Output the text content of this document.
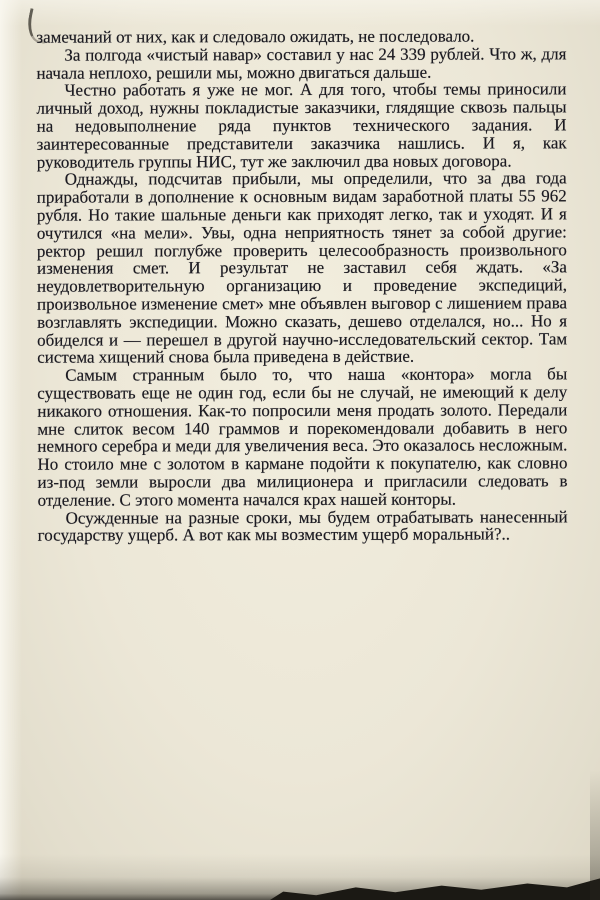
замечаний от них, как и следовало ожидать, не последовало.

За полгода «чистый навар» составил у нас 24 339 рублей. Что ж, для начала неплохо, решили мы, можно двигаться дальше.

Честно работать я уже не мог. А для того, чтобы темы приносили личный доход, нужны покладистые заказчики, глядящие сквозь пальцы на недовыполнение ряда пунктов технического задания. И заинтересованные представители заказчика нашлись. И я, как руководитель группы НИС, тут же заключил два новых договора.

Однажды, подсчитав прибыли, мы определили, что за два года приработали в дополнение к основным видам заработной платы 55 962 рубля. Но такие шальные деньги как приходят легко, так и уходят. И я очутился «на мели». Увы, одна неприятность тянет за собой другие: ректор решил поглубже проверить целесообразность произвольного изменения смет. И результат не заставил себя ждать. «За неудовлетворительную организацию и проведение экспедиций, произвольное изменение смет» мне объявлен выговор с лишением права возглавлять экспедиции. Можно сказать, дешево отделался, но... Но я обиделся и — перешел в другой научно-исследовательский сектор. Там система хищений снова была приведена в действие.

Самым странным было то, что наша «контора» могла бы существовать еще не один год, если бы не случай, не имеющий к делу никакого отношения. Как-то попросили меня продать золото. Передали мне слиток весом 140 граммов и порекомендовали добавить в него немного серебра и меди для увеличения веса. Это оказалось несложным. Но стоило мне с золотом в кармане подойти к покупателю, как словно из-под земли выросли два милиционера и пригласили следовать в отделение. С этого момента начался крах нашей конторы.

Осужденные на разные сроки, мы будем отрабатывать нанесенный государству ущерб. А вот как мы возместим ущерб моральный?..
